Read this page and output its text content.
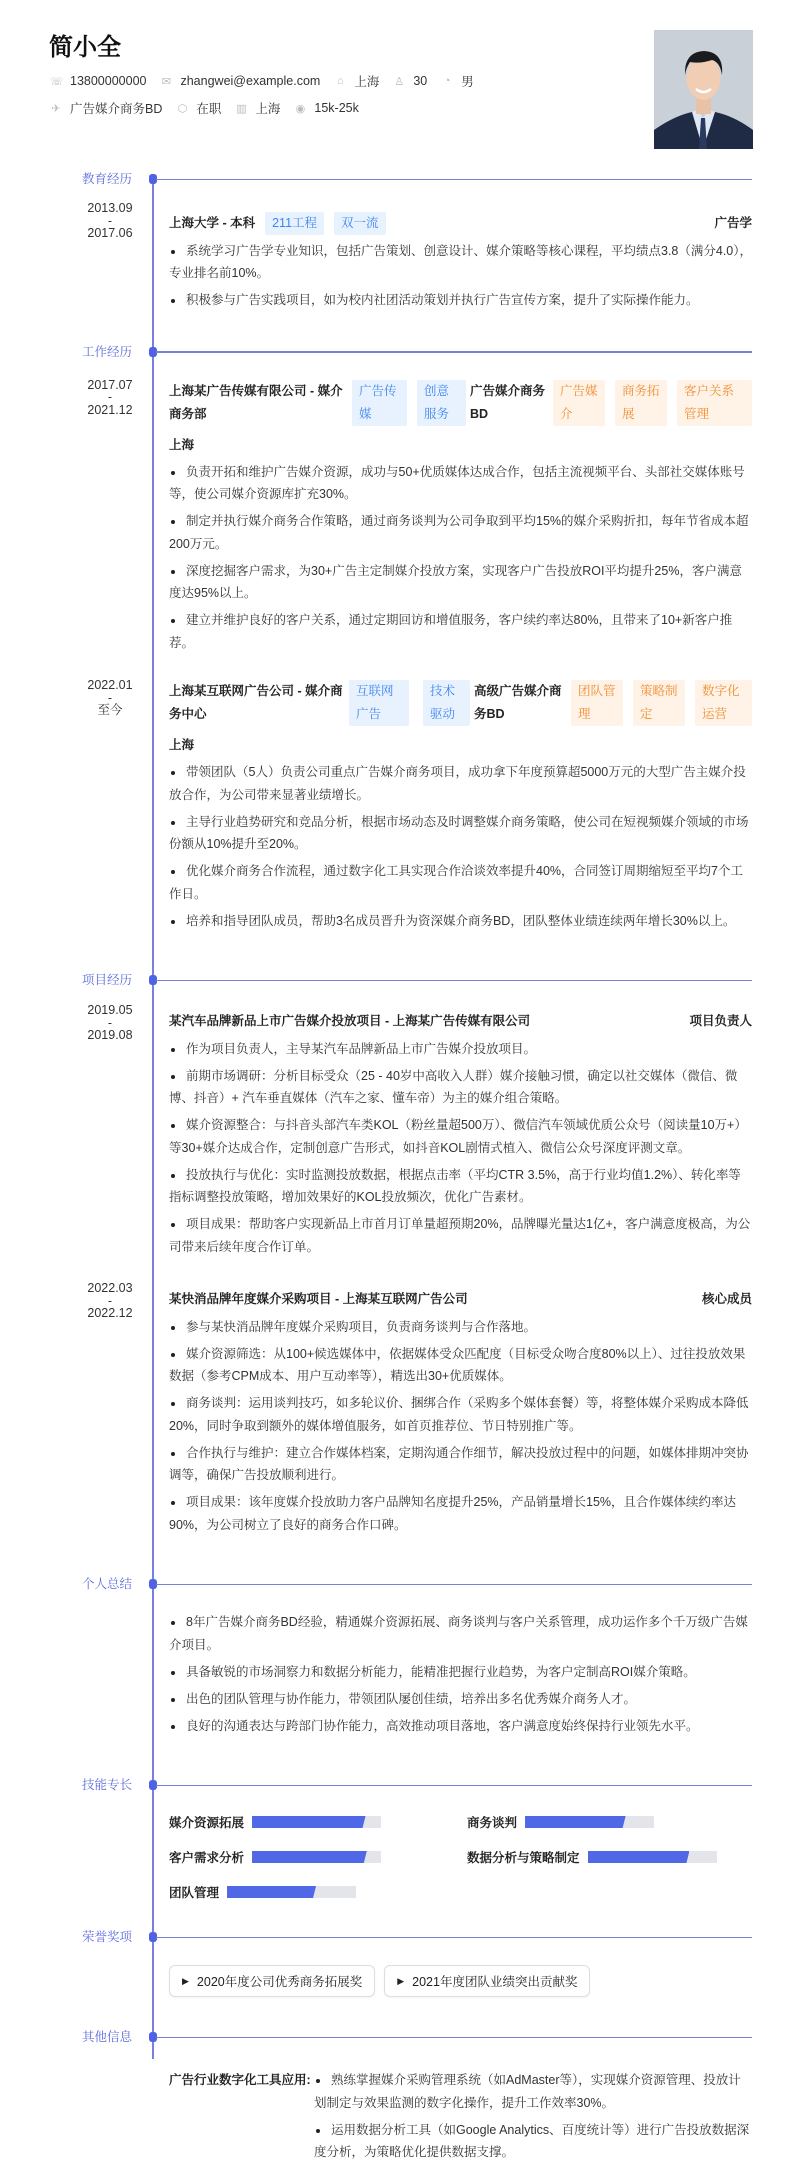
简小全
☏ 13800000000 ✉ zhangwei@example.com ⌂ 上海 ♙ 30 ◔ 男
✈ 广告媒介商务BD ⬡ 在职 ▥ 上海 ◉ 15k-25k
教育经历
2013.09
-
2017.06
上海大学 - 本科	211工程	双一流	广告学
系统学习广告学专业知识，包括广告策划、创意设计、媒介策略等核心课程，平均绩点3.8（满分4.0），专业排名前10%。
积极参与广告实践项目，如为校内社团活动策划并执行广告宣传方案，提升了实际操作能力。
工作经历
2017.07
-
2021.12
上海某广告传媒有限公司 - 媒介商务部
广告传媒
创意服务
广告媒介商务BD
广告媒介
商务拓展
客户关系管理
上海
负责开拓和维护广告媒介资源，成功与50+优质媒体达成合作，包括主流视频平台、头部社交媒体账号等，使公司媒介资源库扩充30%。
制定并执行媒介商务合作策略，通过商务谈判为公司争取到平均15%的媒介采购折扣，每年节省成本超200万元。
深度挖掘客户需求，为30+广告主定制媒介投放方案，实现客户广告投放ROI平均提升25%，客户满意度达95%以上。
建立并维护良好的客户关系，通过定期回访和增值服务，客户续约率达80%，且带来了10+新客户推荐。
2022.01
-
至今
上海某互联网广告公司 - 媒介商务中心
互联网广告
技术驱动
高级广告媒介商务BD
团队管理
策略制定
数字化运营
上海
带领团队（5人）负责公司重点广告媒介商务项目，成功拿下年度预算超5000万元的大型广告主媒介投放合作，为公司带来显著业绩增长。
主导行业趋势研究和竞品分析，根据市场动态及时调整媒介商务策略，使公司在短视频媒介领域的市场份额从10%提升至20%。
优化媒介商务合作流程，通过数字化工具实现合作洽谈效率提升40%，合同签订周期缩短至平均7个工作日。
培养和指导团队成员，帮助3名成员晋升为资深媒介商务BD，团队整体业绩连续两年增长30%以上。
项目经历
2019.05
-
2019.08
某汽车品牌新品上市广告媒介投放项目 - 上海某广告传媒有限公司	项目负责人
作为项目负责人，主导某汽车品牌新品上市广告媒介投放项目。
前期市场调研：分析目标受众（25 - 40岁中高收入人群）媒介接触习惯，确定以社交媒体（微信、微博、抖音）+ 汽车垂直媒体（汽车之家、懂车帝）为主的媒介组合策略。
媒介资源整合：与抖音头部汽车类KOL（粉丝量超500万）、微信汽车领域优质公众号（阅读量10万+）等30+媒介达成合作，定制创意广告形式，如抖音KOL剧情式植入、微信公众号深度评测文章。
投放执行与优化：实时监测投放数据，根据点击率（平均CTR 3.5%，高于行业均值1.2%）、转化率等指标调整投放策略，增加效果好的KOL投放频次，优化广告素材。
项目成果：帮助客户实现新品上市首月订单量超预期20%，品牌曝光量达1亿+，客户满意度极高，为公司带来后续年度合作订单。
2022.03
-
2022.12
某快消品牌年度媒介采购项目 - 上海某互联网广告公司	核心成员
参与某快消品牌年度媒介采购项目，负责商务谈判与合作落地。
媒介资源筛选：从100+候选媒体中，依据媒体受众匹配度（目标受众吻合度80%以上）、过往投放效果数据（参考CPM成本、用户互动率等），精选出30+优质媒体。
商务谈判：运用谈判技巧，如多轮议价、捆绑合作（采购多个媒体套餐）等，将整体媒介采购成本降低20%，同时争取到额外的媒体增值服务，如首页推荐位、节日特别推广等。
合作执行与维护：建立合作媒体档案，定期沟通合作细节，解决投放过程中的问题，如媒体排期冲突协调等，确保广告投放顺利进行。
项目成果：该年度媒介投放助力客户品牌知名度提升25%，产品销量增长15%，且合作媒体续约率达90%，为公司树立了良好的商务合作口碑。
个人总结
8年广告媒介商务BD经验，精通媒介资源拓展、商务谈判与客户关系管理，成功运作多个千万级广告媒介项目。
具备敏锐的市场洞察力和数据分析能力，能精准把握行业趋势，为客户定制高ROI媒介策略。
出色的团队管理与协作能力，带领团队屡创佳绩，培养出多名优秀媒介商务人才。
良好的沟通表达与跨部门协作能力，高效推动项目落地，客户满意度始终保持行业领先水平。
技能专长
媒介资源拓展	商务谈判
客户需求分析	数据分析与策略制定
团队管理
荣誉奖项
▶ 2020年度公司优秀商务拓展奖	▶ 2021年度团队业绩突出贡献奖
其他信息
广告行业数字化工具应用:	熟练掌握媒介采购管理系统（如AdMaster等），实现媒介资源管理、投放计划制定与效果监测的数字化操作，提升工作效率30%。
运用数据分析工具（如Google Analytics、百度统计等）进行广告投放数据深度分析，为策略优化提供数据支撑。
